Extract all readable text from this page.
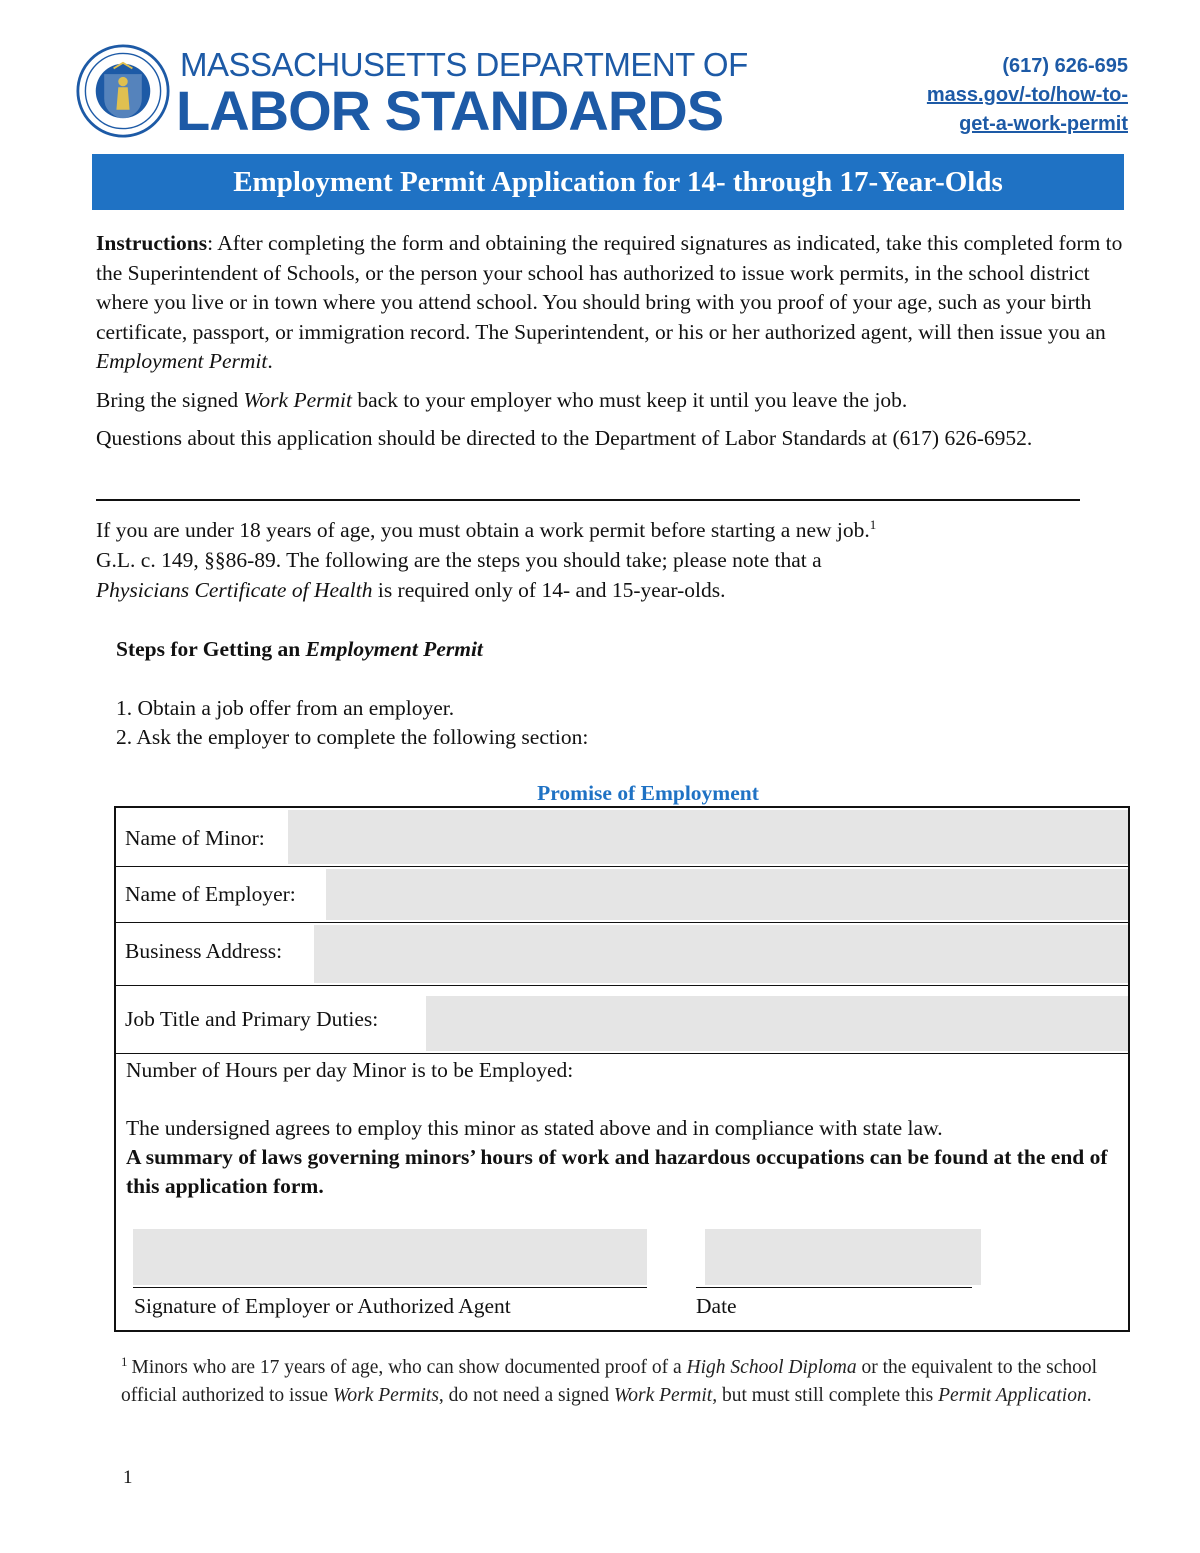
MASSACHUSETTS DEPARTMENT OF
LABOR STANDARDS
(617) 626-695
mass.gov/-to/how-to-
get-a-work-permit
Employment Permit Application for 14- through 17-Year-Olds

Instructions: After completing the form and obtaining the required signatures as indicated, take this completed form to the Superintendent of Schools, or the person your school has authorized to issue work permits, in the school district where you live or in town where you attend school. You should bring with you proof of your age, such as your birth certificate, passport, or immigration record. The Superintendent, or his or her authorized agent, will then issue you an Employment Permit.

Bring the signed Work Permit back to your employer who must keep it until you leave the job.

Questions about this application should be directed to the Department of Labor Standards at (617) 626-6952.

If you are under 18 years of age, you must obtain a work permit before starting a new job.$^1$
G.L. c. 149, §§86-89. The following are the steps you should take; please note that a
Physicians Certificate of Health is required only of 14- and 15-year-olds.
Steps for Getting an Employment Permit
1. Obtain a job offer from an employer.
2. Ask the employer to complete the following section:
Promise of Employment
Name of Minor:
Name of Employer:
Business Address:
Job Title and Primary Duties:

Number of Hours per day Minor is to be Employed:

The undersigned agrees to employ this minor as stated above and in compliance with state law.

A summary of laws governing minors’ hours of work and hazardous occupations can be found at the end of this application form.

Signature of Employer or Authorized Agent	Date
$^1$ Minors who are 17 years of age, who can show documented proof of a High School Diploma or the equivalent to the school official authorized to issue Work Permits, do not need a signed Work Permit, but must still complete this Permit Application.
1
